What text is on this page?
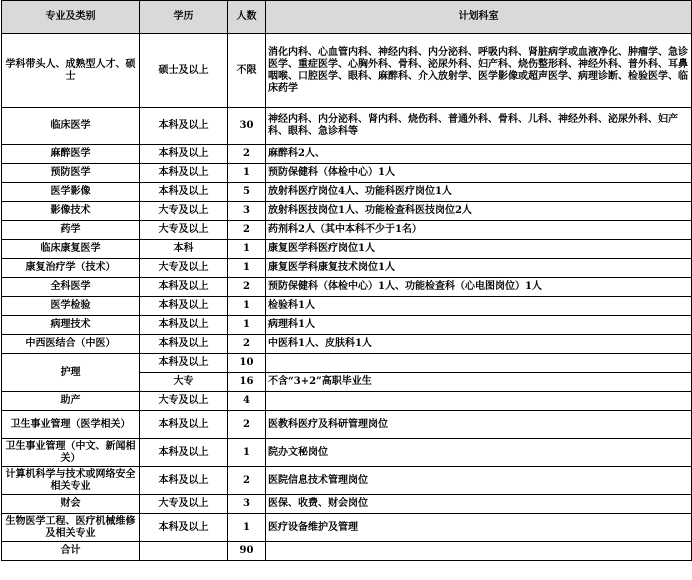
专业及类别	学历	人数	计划科室
学科带头人、成熟型人才、硕士	硕士及以上	不限	消化内科、心血管内科、神经内科、内分泌科、呼吸内科、肾脏病学或血液净化、肿瘤学、急诊医学、重症医学、心胸外科、骨科、泌尿外科、妇产科、烧伤整形科、神经外科、普外科、耳鼻咽喉、口腔医学、眼科、麻醉科、介入放射学、医学影像或超声医学、病理诊断、检验医学、临床药学
临床医学	本科及以上	30	神经内科、内分泌科、肾内科、烧伤科、普通外科、骨科、儿科、神经外科、泌尿外科、妇产科、眼科、急诊科等
麻醉医学	本科及以上	2	麻醉科2人、
预防医学	本科及以上	1	预防保健科（体检中心）1人
医学影像	本科及以上	5	放射科医疗岗位4人、功能科医疗岗位1人
影像技术	大专及以上	3	放射科医技岗位1人、功能检查科医技岗位2人
药学	大专及以上	2	药剂科2人（其中本科不少于1名）
临床康复医学	本科	1	康复医学科医疗岗位1人
康复治疗学（技术）	大专及以上	1	康复医学科康复技术岗位1人
全科医学	本科及以上	2	预防保健科（体检中心）1人、功能检查科（心电图岗位）1人
医学检验	本科及以上	1	检验科1人
病理技术	本科及以上	1	病理科1人
中西医结合（中医）	本科及以上	2	中医科1人、皮肤科1人
护理	本科及以上	10	
	大专	16	不含“3+2”高职毕业生
助产	大专及以上	4	
卫生事业管理（医学相关）	本科及以上	2	医教科医疗及科研管理岗位
卫生事业管理（中文、新闻相关）	本科及以上	1	院办文秘岗位
计算机科学与技术或网络安全相关专业	本科及以上	2	医院信息技术管理岗位
财会	大专及以上	3	医保、收费、财会岗位
生物医学工程、医疗机械维修及相关专业	本科及以上	1	医疗设备维护及管理
合计		90	
